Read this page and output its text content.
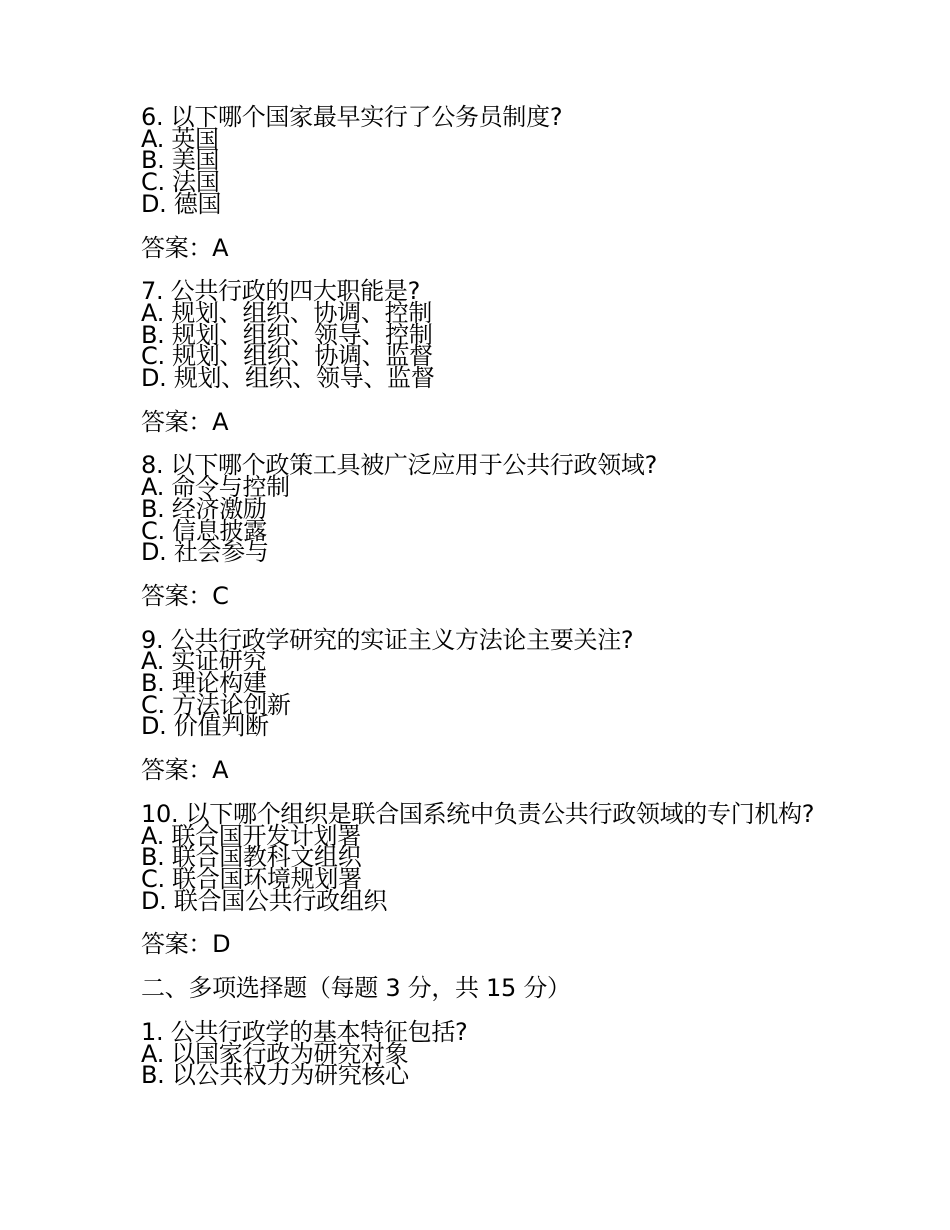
6. 以下哪个国家最早实行了公务员制度?
A. 英国
B. 美国
C. 法国
D. 德国
答案：A
7. 公共行政的四大职能是?
A. 规划、组织、协调、控制
B. 规划、组织、领导、控制
C. 规划、组织、协调、监督
D. 规划、组织、领导、监督
答案：A
8. 以下哪个政策工具被广泛应用于公共行政领域?
A. 命令与控制
B. 经济激励
C. 信息披露
D. 社会参与
答案：C
9. 公共行政学研究的实证主义方法论主要关注?
A. 实证研究
B. 理论构建
C. 方法论创新
D. 价值判断
答案：A
10. 以下哪个组织是联合国系统中负责公共行政领域的专门机构?
A. 联合国开发计划署
B. 联合国教科文组织
C. 联合国环境规划署
D. 联合国公共行政组织
答案：D
二、多项选择题（每题 3 分，共 15 分）
1. 公共行政学的基本特征包括?
A. 以国家行政为研究对象
B. 以公共权力为研究核心
